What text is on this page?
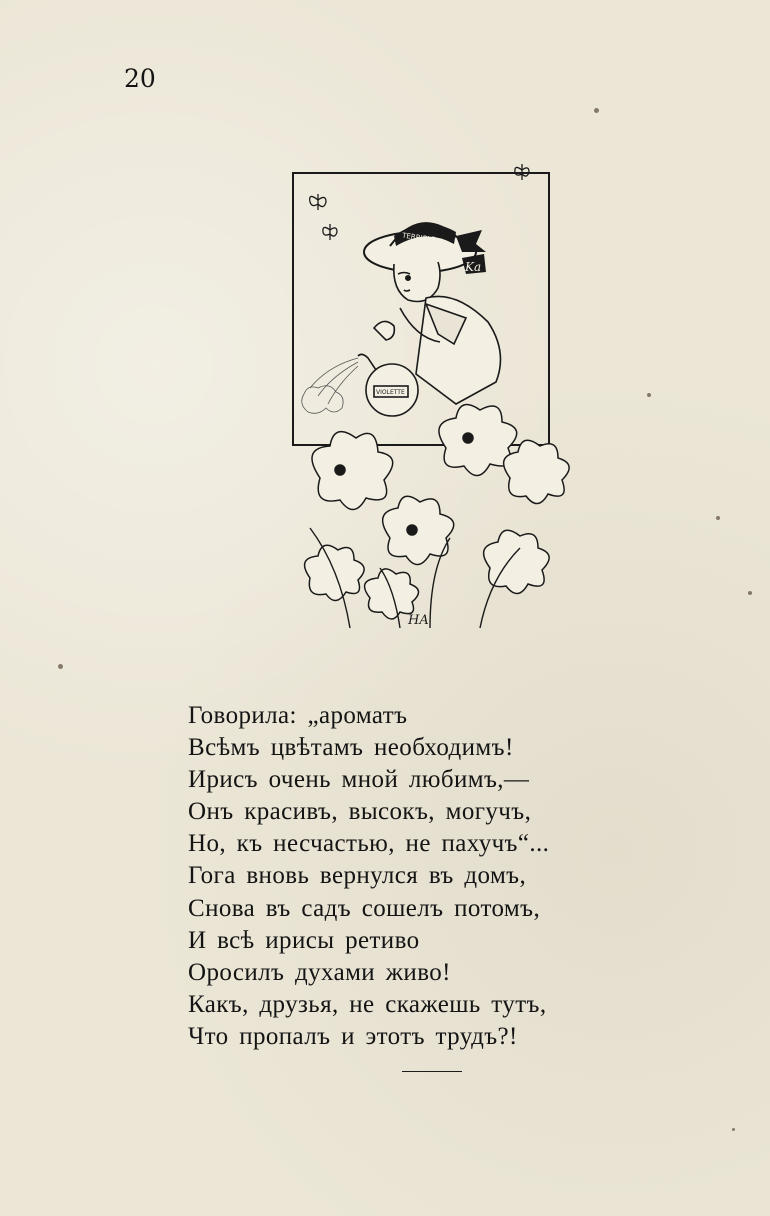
20
TERRIBLE
Ka
VIOLETTE
HA
Говорила: „ароматъ
Всѣмъ цвѣтамъ необходимъ!
Ирисъ очень мной любимъ,—
Онъ красивъ, высокъ, могучъ,
Но, къ несчастью, не пахучъ“...
Гога вновь вернулся въ домъ,
Снова въ садъ сошелъ потомъ,
И всѣ ирисы ретиво
Оросилъ духами живо!
Какъ, друзья, не скажешь тутъ,
Что пропалъ и этотъ трудъ?!
